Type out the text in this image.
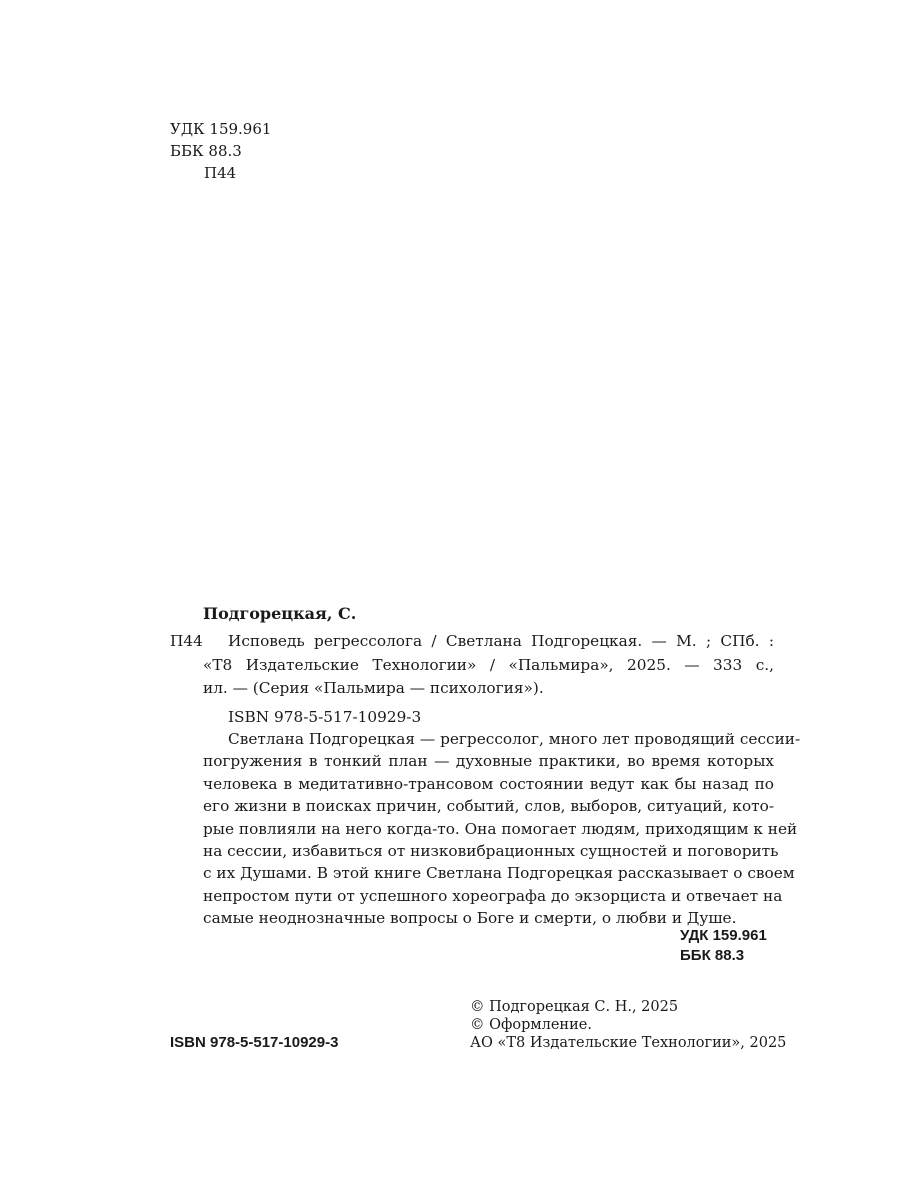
УДК 159.961
ББК 88.3
П44
Подгорецкая, С.
П44 Исповедь регрессолога / Светлана Подгорецкая. — М. ; СПб. :
«Т8 Издательские Технологии» / «Пальмира», 2025. — 333 с.,
ил. — (Серия «Пальмира — психология»).
ISBN 978-5-517-10929-3
Светлана Подгорецкая — регрессолог, много лет проводящий сессии-
погружения в тонкий план — духовные практики, во время которых
человека в медитативно-трансовом состоянии ведут как бы назад по
его жизни в поисках причин, событий, слов, выборов, ситуаций, кото-
рые повлияли на него когда-то. Она помогает людям, приходящим к ней
на сессии, избавиться от низковибрационных сущностей и поговорить
с их Душами. В этой книге Светлана Подгорецкая рассказывает о своем
непростом пути от успешного хореографа до экзорциста и отвечает на
самые неоднозначные вопросы о Боге и смерти, о любви и Душе.
УДК 159.961
ББК 88.3
ISBN 978-5-517-10929-3
© Подгорецкая С. Н., 2025
© Оформление.
АО «Т8 Издательские Технологии», 2025
